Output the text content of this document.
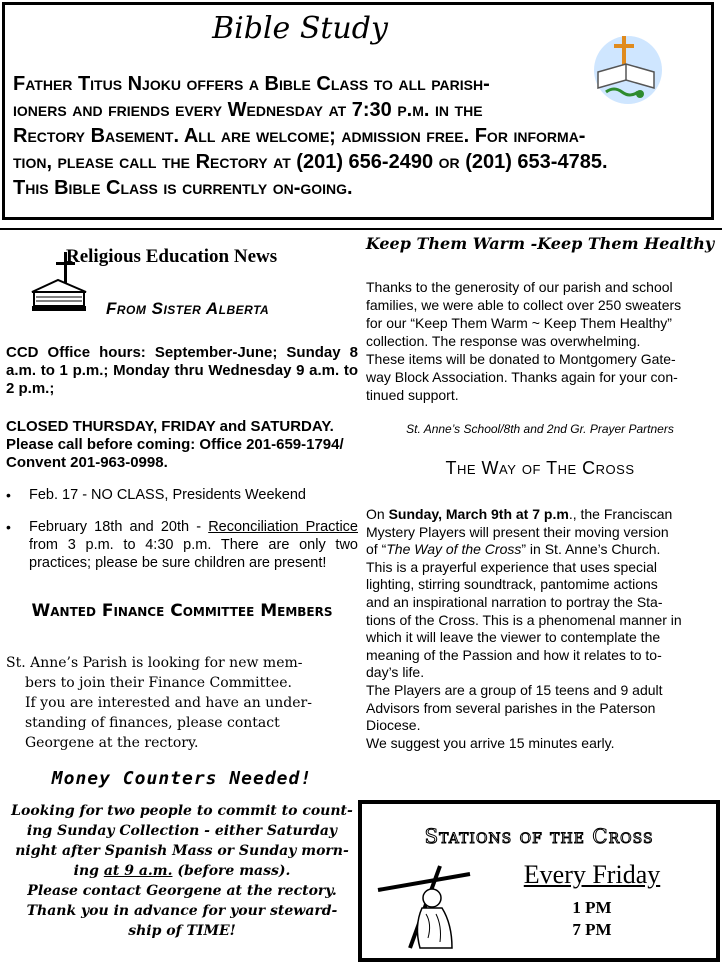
Bible Study
Father Titus Njoku offers a Bible Class to all parish-
ioners and friends every Wednesday at 7:30 p.m. in the
Rectory Basement. All are welcome; admission free. For informa-
tion, please call the Rectory at (201) 656-2490 or (201) 653-4785.
This Bible Class is currently on-going.
Religious Education News
From Sister Alberta

CCD Office hours: September-June; Sunday 8 a.m. to 1 p.m.; Monday thru Wednesday 9 a.m. to 2 p.m.;

CLOSED THURSDAY, FRIDAY and SATURDAY. Please call before coming: Office 201-659-1794/ Convent 201-963-0998.

• Feb. 17 - NO CLASS, Presidents Weekend
• February 18th and 20th - Reconciliation Practice from 3 p.m. to 4:30 p.m. There are only two practices; please be sure children are present!
Wanted Finance Committee Members

St. Anne’s Parish is looking for new mem-
bers to join their Finance Committee.
If you are interested and have an under-
standing of finances, please contact
Georgene at the rectory.

Money Counters Needed!

Looking for two people to commit to count-
ing Sunday Collection - either Saturday
night after Spanish Mass or Sunday morn-
ing at 9 a.m. (before mass).
Please contact Georgene at the rectory.
Thank you in advance for your steward-
ship of TIME!

Keep Them Warm -Keep Them Healthy

Thanks to the generosity of our parish and school
families, we were able to collect over 250 sweaters
for our “Keep Them Warm ~ Keep Them Healthy”
collection. The response was overwhelming.
These items will be donated to Montgomery Gate-
way Block Association. Thanks again for your con-
tinued support.

St. Anne’s School/8th and 2nd Gr. Prayer Partners
The Way of The Cross

On Sunday, March 9th at 7 p.m., the Franciscan
Mystery Players will present their moving version
of “The Way of the Cross” in St. Anne’s Church.
This is a prayerful experience that uses special
lighting, stirring soundtrack, pantomime actions
and an inspirational narration to portray the Sta-
tions of the Cross. This is a phenomenal manner in
which it will leave the viewer to contemplate the
meaning of the Passion and how it relates to to-
day’s life.
The Players are a group of 15 teens and 9 adult
Advisors from several parishes in the Paterson
Diocese.
We suggest you arrive 15 minutes early.

Stations of the Cross
Every Friday
1 PM
7 PM
